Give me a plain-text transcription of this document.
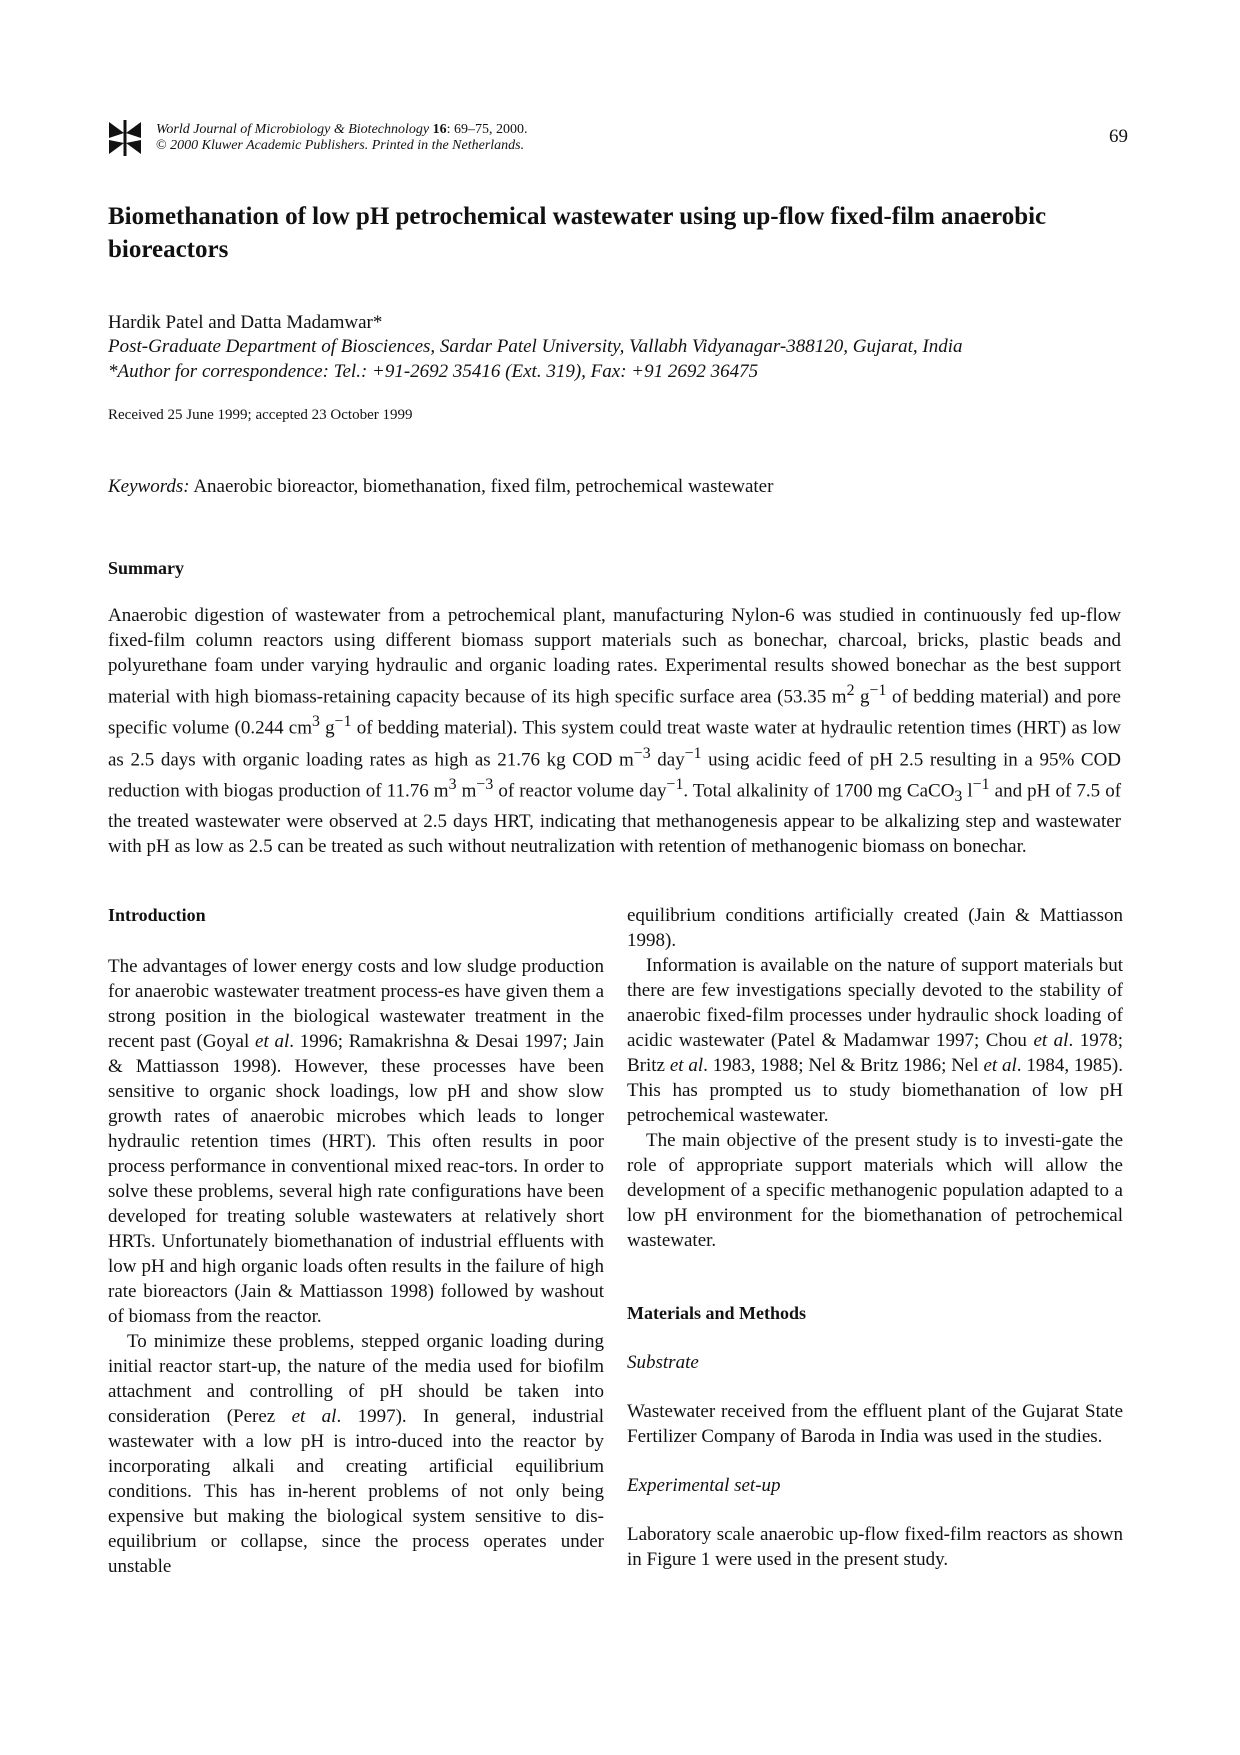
World Journal of Microbiology & Biotechnology 16: 69–75, 2000.
© 2000 Kluwer Academic Publishers. Printed in the Netherlands.	69
Biomethanation of low pH petrochemical wastewater using up-flow fixed-film anaerobic bioreactors
Hardik Patel and Datta Madamwar*
Post-Graduate Department of Biosciences, Sardar Patel University, Vallabh Vidyanagar-388120, Gujarat, India
*Author for correspondence: Tel.: +91-2692 35416 (Ext. 319), Fax: +91 2692 36475
Received 25 June 1999; accepted 23 October 1999
Keywords: Anaerobic bioreactor, biomethanation, fixed film, petrochemical wastewater
Summary

Anaerobic digestion of wastewater from a petrochemical plant, manufacturing Nylon-6 was studied in continuously fed up-flow fixed-film column reactors using different biomass support materials such as bonechar, charcoal, bricks, plastic beads and polyurethane foam under varying hydraulic and organic loading rates. Experimental results showed bonechar as the best support material with high biomass-retaining capacity because of its high specific surface area (53.35 $m^2$ $g^{-1}$ of bedding material) and pore specific volume (0.244 $cm^3$ $g^{-1}$ of bedding material). This system could treat waste water at hydraulic retention times (HRT) as low as 2.5 days with organic loading rates as high as 21.76 kg COD $m^{-3}$ day$^{-1}$ using acidic feed of pH 2.5 resulting in a 95% COD reduction with biogas production of 11.76 $m^3$ $m^{-3}$ of reactor volume day$^{-1}$. Total alkalinity of 1700 mg CaCO$_3$ $l^{-1}$ and pH of 7.5 of the treated wastewater were observed at 2.5 days HRT, indicating that methanogenesis appear to be alkalizing step and wastewater with pH as low as 2.5 can be treated as such without neutralization with retention of methanogenic biomass on bonechar.

Introduction

The advantages of lower energy costs and low sludge production for anaerobic wastewater treatment process-es have given them a strong position in the biological wastewater treatment in the recent past (Goyal et al. 1996; Ramakrishna & Desai 1997; Jain & Mattiasson 1998). However, these processes have been sensitive to organic shock loadings, low pH and show slow growth rates of anaerobic microbes which leads to longer hydraulic retention times (HRT). This often results in poor process performance in conventional mixed reac-tors. In order to solve these problems, several high rate configurations have been developed for treating soluble wastewaters at relatively short HRTs. Unfortunately biomethanation of industrial effluents with low pH and high organic loads often results in the failure of high rate bioreactors (Jain & Mattiasson 1998) followed by washout of biomass from the reactor.

To minimize these problems, stepped organic loading during initial reactor start-up, the nature of the media used for biofilm attachment and controlling of pH should be taken into consideration (Perez et al. 1997). In general, industrial wastewater with a low pH is intro-duced into the reactor by incorporating alkali and creating artificial equilibrium conditions. This has in-herent problems of not only being expensive but making the biological system sensitive to dis-equilibrium or collapse, since the process operates under unstable

equilibrium conditions artificially created (Jain & Mattiasson 1998).

Information is available on the nature of support materials but there are few investigations specially devoted to the stability of anaerobic fixed-film processes under hydraulic shock loading of acidic wastewater (Patel & Madamwar 1997; Chou et al. 1978; Britz et al. 1983, 1988; Nel & Britz 1986; Nel et al. 1984, 1985). This has prompted us to study biomethanation of low pH petrochemical wastewater.

The main objective of the present study is to investi-gate the role of appropriate support materials which will allow the development of a specific methanogenic population adapted to a low pH environment for the biomethanation of petrochemical wastewater.

Materials and Methods
Substrate

Wastewater received from the effluent plant of the Gujarat State Fertilizer Company of Baroda in India was used in the studies.

Experimental set-up

Laboratory scale anaerobic up-flow fixed-film reactors as shown in Figure 1 were used in the present study.
